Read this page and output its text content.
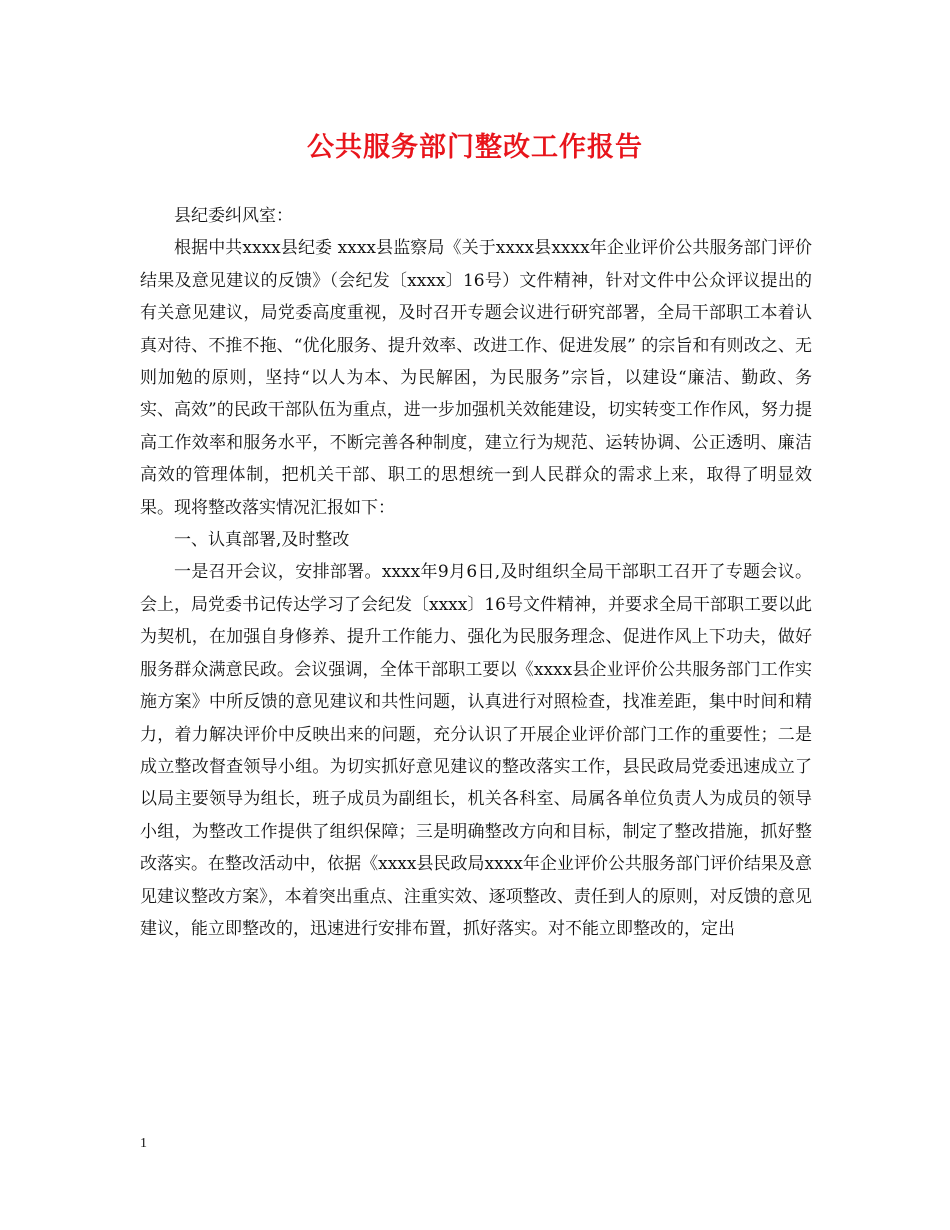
公共服务部门整改工作报告

县纪委纠风室：

根据中共xxxx县纪委 xxxx县监察局《关于xxxx县xxxx年企业评价公共服务部门评价结果及意见建议的反馈》（会纪发〔xxxx〕16号）文件精神，针对文件中公众评议提出的有关意见建议，局党委高度重视，及时召开专题会议进行研究部署，全局干部职工本着认真对待、不推不拖、“优化服务、提升效率、改进工作、促进发展” 的宗旨和有则改之、无则加勉的原则，坚持“以人为本、为民解困，为民服务”宗旨，以建设“廉洁、勤政、务实、高效”的民政干部队伍为重点，进一步加强机关效能建设，切实转变工作作风，努力提高工作效率和服务水平，不断完善各种制度，建立行为规范、运转协调、公正透明、廉洁高效的管理体制，把机关干部、职工的思想统一到人民群众的需求上来，取得了明显效果。现将整改落实情况汇报如下：

一、认真部署,及时整改

一是召开会议，安排部署。xxxx年9月6日,及时组织全局干部职工召开了专题会议。会上，局党委书记传达学习了会纪发〔xxxx〕16号文件精神，并要求全局干部职工要以此为契机，在加强自身修养、提升工作能力、强化为民服务理念、促进作风上下功夫，做好服务群众满意民政。会议强调，全体干部职工要以《xxxx县企业评价公共服务部门工作实施方案》中所反馈的意见建议和共性问题，认真进行对照检查，找准差距，集中时间和精力，着力解决评价中反映出来的问题，充分认识了开展企业评价部门工作的重要性；二是成立整改督查领导小组。为切实抓好意见建议的整改落实工作，县民政局党委迅速成立了以局主要领导为组长，班子成员为副组长，机关各科室、局属各单位负责人为成员的领导小组，为整改工作提供了组织保障；三是明确整改方向和目标，制定了整改措施，抓好整改落实。在整改活动中，依据《xxxx县民政局xxxx年企业评价公共服务部门评价结果及意见建议整改方案》，本着突出重点、注重实效、逐项整改、责任到人的原则，对反馈的意见建议，能立即整改的，迅速进行安排布置，抓好落实。对不能立即整改的，定出

1
